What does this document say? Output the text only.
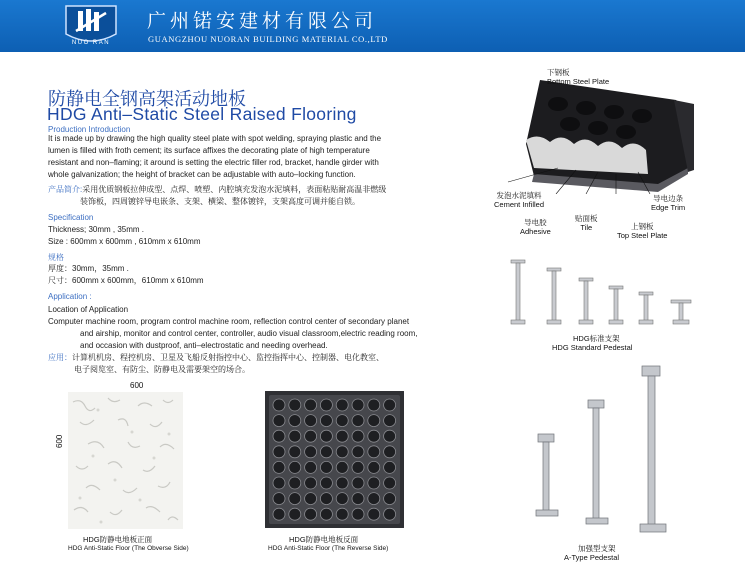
NUO RAN
广州锘安建材有限公司
GUANGZHOU NUORAN BUILDING MATERIAL CO.,LTD
防静电全钢高架活动地板
HDG Anti–Static Steel Raised Flooring
Production Introduction
It is made up by drawing the high quality steel plate with spot welding, spraying plastic and the
lumen is filled with froth cement; its surface affixes the decorating plate of high temperature
resistant and non–flaming; it around is setting the electric filler rod, bracket, handle girder with
whole galvanization; the height of bracket can be adjustable with auto–locking function.
产品简介:采用优质钢板拉伸成型、点焊、喷塑、内腔填充发泡水泥填料，表面粘贴耐高温非燃级
装饰板，四周镀锌导电嵌条、支架、横梁、整体镀锌，支架高度可调并能自锁。
Specification
Thickness; 30mm , 35mm .
Size : 600mm x 600mm , 610mm x 610mm
规格
厚度：30mm，35mm .
尺寸：600mm x 600mm，610mm x 610mm
Application :
Location of Application
Computer machine room, program control machine room, reflection control center of secondary planet
and airship, monitor and control center, controller, audio visual classroom,electric reading room,
and occasion with dustproof, anti–electrostatic and needing overhead.
应用：计算机机房、程控机房、卫星及飞船反射指控中心、监控指挥中心、控制器、电化教室、
电子阅览室、有防尘、防静电及需要架空的场合。
600
600
HDG防静电地板正面
HDG Anti-Static Floor (The Obverse Side)
HDG防静电地板反面
HDG Anti-Static Floor (The Reverse Side)
下钢板
Bottom Steel Plate
发泡水泥填料
Cement Infilled
导电胶
Adhesive
贴面板
Tile	上钢板
Top Steel Plate
导电边条
Edge Trim
HDG标准支架
HDG Standard Pedestal
加强型支架
A-Type Pedestal
